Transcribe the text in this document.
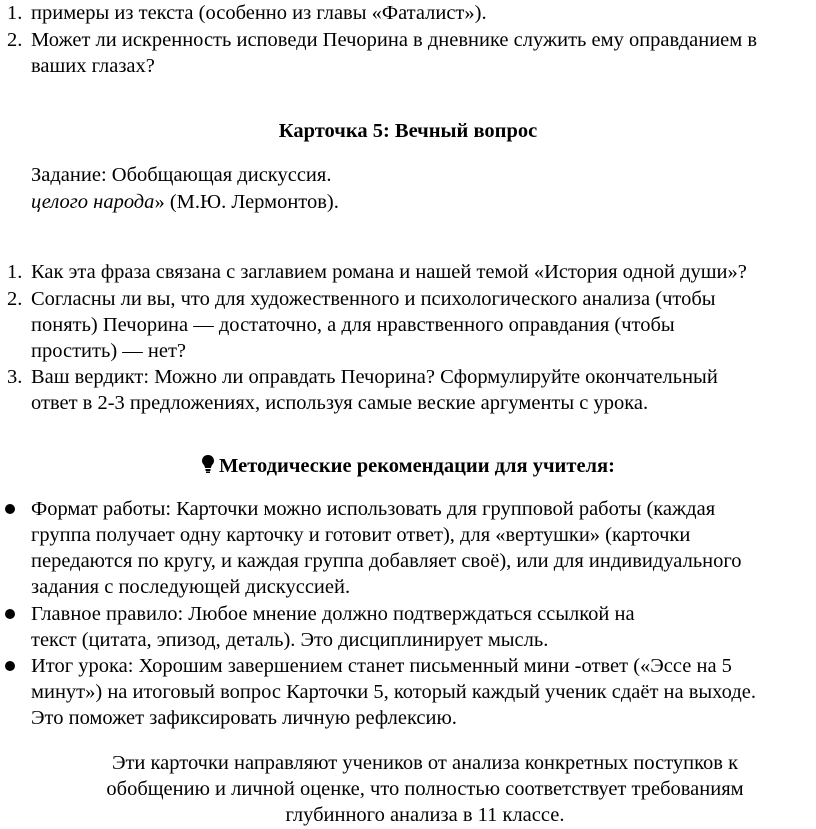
1. примеры из текста (особенно из главы «Фаталист»).
2. Может ли искренность исповеди Печорина в дневнике служить ему оправданием в
ваших глазах?
Карточка 5: Вечный вопрос
Задание: Обобщающая дискуссия.
целого народа» (М.Ю. Лермонтов).
1. Как эта фраза связана с заглавием романа и нашей темой «История одной души»?
2. Согласны ли вы, что для художественного и психологического анализа (чтобы
понять) Печорина — достаточно, а для нравственного оправдания (чтобы
простить) — нет?
3. Ваш вердикт: Можно ли оправдать Печорина? Сформулируйте окончательный
ответ в 2-3 предложениях, используя самые веские аргументы с урока.
Методические рекомендации для учителя:
Формат работы: Карточки можно использовать для групповой работы (каждая
группа получает одну карточку и готовит ответ), для «вертушки» (карточки
передаются по кругу, и каждая группа добавляет своё), или для индивидуального
задания с последующей дискуссией.
Главное правило: Любое мнение должно подтверждаться ссылкой на
текст (цитата, эпизод, деталь). Это дисциплинирует мысль.
Итог урока: Хорошим завершением станет письменный мини -ответ («Эссе на 5
минут») на итоговый вопрос Карточки 5, который каждый ученик сдаёт на выходе.
Это поможет зафиксировать личную рефлексию.
Эти карточки направляют учеников от анализа конкретных поступков к
обобщению и личной оценке, что полностью соответствует требованиям
глубинного анализа в 11 классе.
